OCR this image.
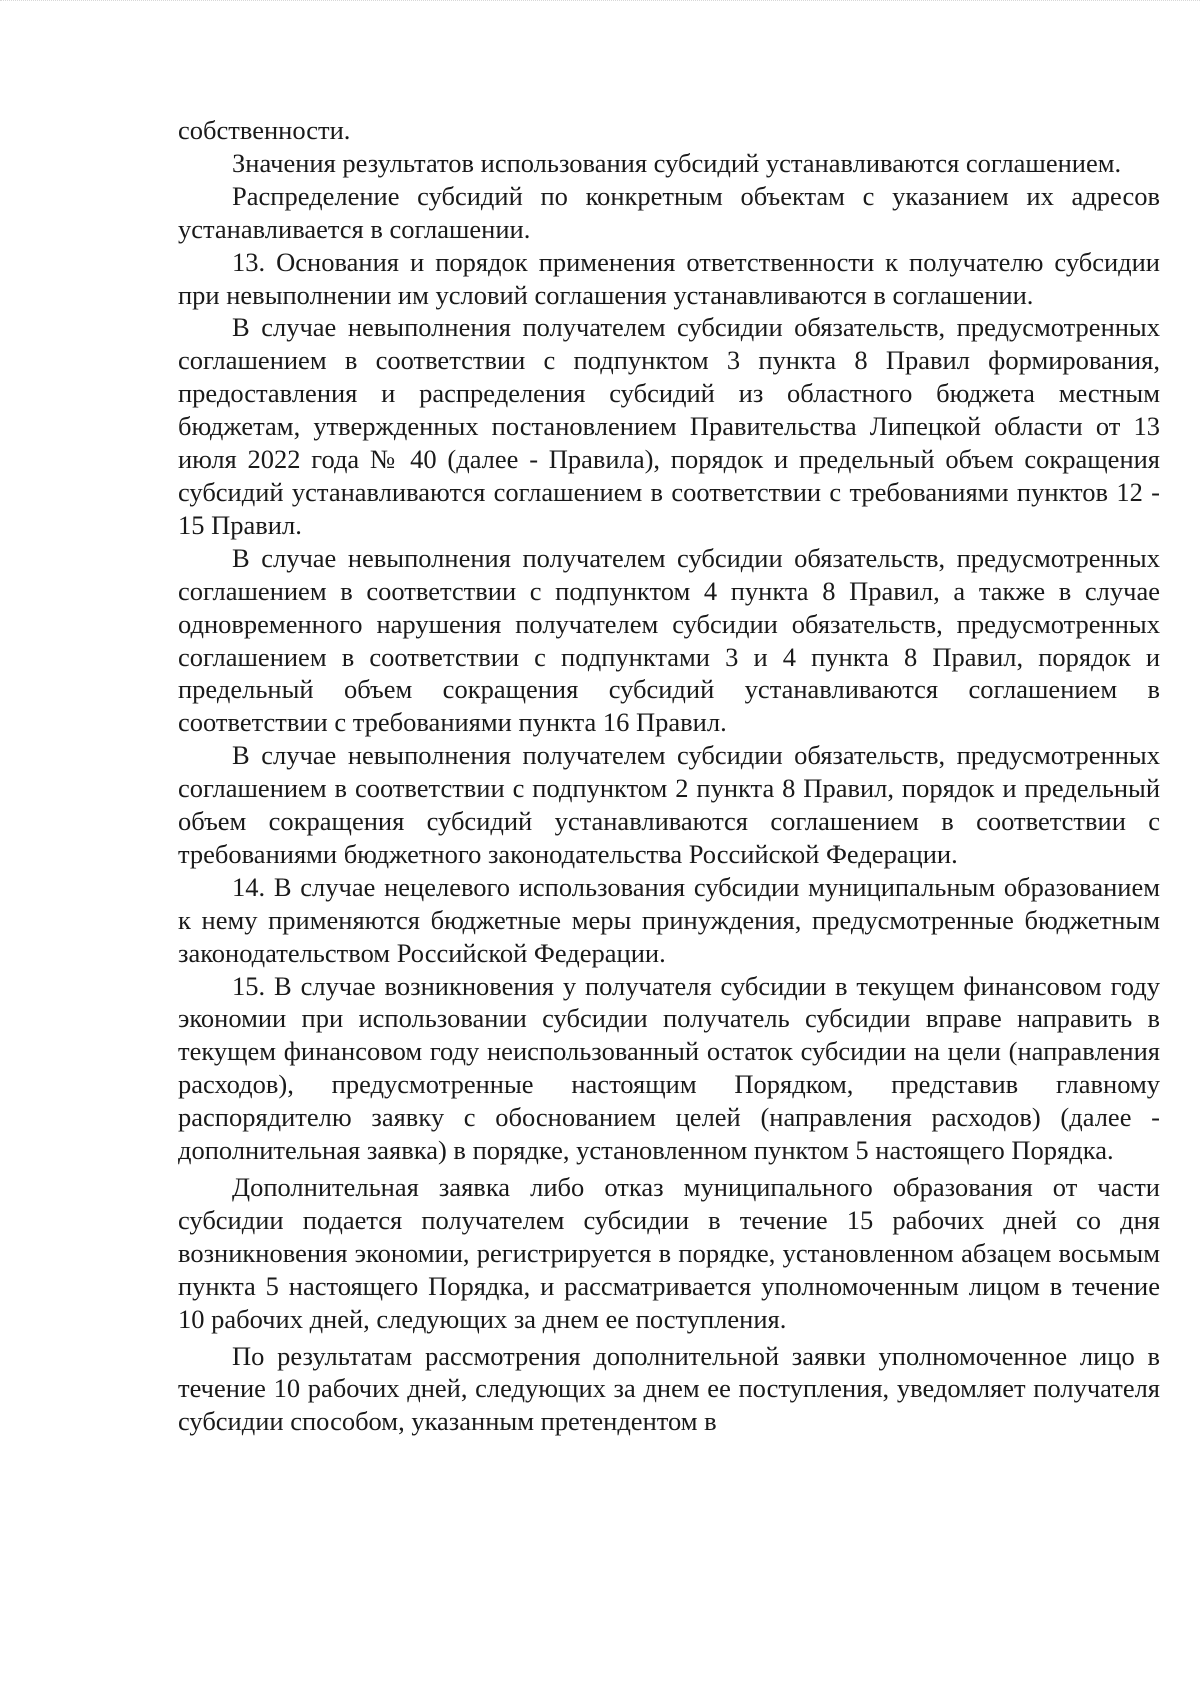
собственности.

Значения результатов использования субсидий устанавливаются соглашением.

Распределение субсидий по конкретным объектам с указанием их адресов устанавливается в соглашении.

13. Основания и порядок применения ответственности к получателю субсидии при невыполнении им условий соглашения устанавливаются в соглашении.

В случае невыполнения получателем субсидии обязательств, предусмотренных соглашением в соответствии с подпунктом 3 пункта 8 Правил формирования, предоставления и распределения субсидий из областного бюджета местным бюджетам, утвержденных постановлением Правительства Липецкой области от 13 июля 2022 года № 40 (далее - Правила), порядок и предельный объем сокращения субсидий устанавливаются соглашением в соответствии с требованиями пунктов 12 - 15 Правил.

В случае невыполнения получателем субсидии обязательств, предусмотренных соглашением в соответствии с подпунктом 4 пункта 8 Правил, а также в случае одновременного нарушения получателем субсидии обязательств, предусмотренных соглашением в соответствии с подпунктами 3 и 4 пункта 8 Правил, порядок и предельный объем сокращения субсидий устанавливаются соглашением в соответствии с требованиями пункта 16 Правил.

В случае невыполнения получателем субсидии обязательств, предусмотренных соглашением в соответствии с подпунктом 2 пункта 8 Правил, порядок и предельный объем сокращения субсидий устанавливаются соглашением в соответствии с требованиями бюджетного законодательства Российской Федерации.

14. В случае нецелевого использования субсидии муниципальным образованием к нему применяются бюджетные меры принуждения, предусмотренные бюджетным законодательством Российской Федерации.

15. В случае возникновения у получателя субсидии в текущем финансовом году экономии при использовании субсидии получатель субсидии вправе направить в текущем финансовом году неиспользованный остаток субсидии на цели (направления расходов), предусмотренные настоящим Порядком, представив главному распорядителю заявку с обоснованием целей (направления расходов) (далее - дополнительная заявка) в порядке, установленном пунктом 5 настоящего Порядка.

Дополнительная заявка либо отказ муниципального образования от части субсидии подается получателем субсидии в течение 15 рабочих дней со дня возникновения экономии, регистрируется в порядке, установленном абзацем восьмым пункта 5 настоящего Порядка, и рассматривается уполномоченным лицом в течение 10 рабочих дней, следующих за днем ее поступления.

По результатам рассмотрения дополнительной заявки уполномоченное лицо в течение 10 рабочих дней, следующих за днем ее поступления, уведомляет получателя субсидии способом, указанным претендентом в
